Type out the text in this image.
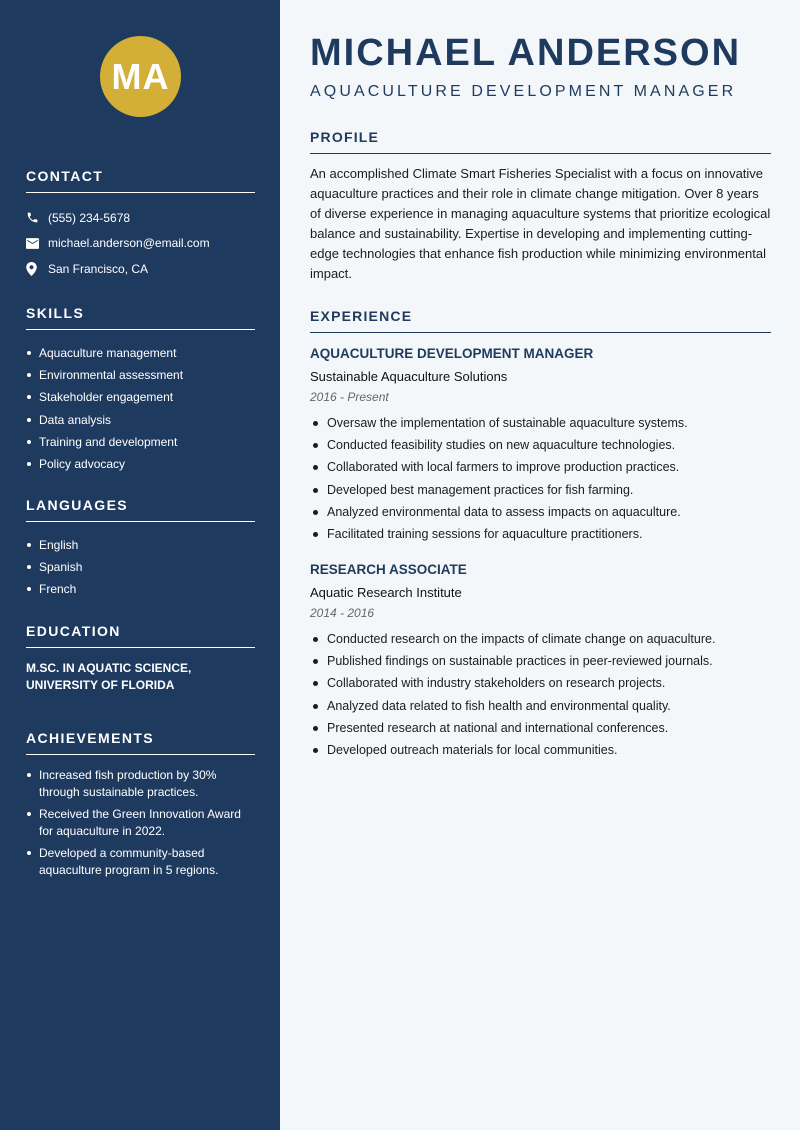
MA
CONTACT
(555) 234-5678
michael.anderson@email.com
San Francisco, CA
SKILLS
Aquaculture management
Environmental assessment
Stakeholder engagement
Data analysis
Training and development
Policy advocacy
LANGUAGES
English
Spanish
French
EDUCATION
M.SC. IN AQUATIC SCIENCE,
UNIVERSITY OF FLORIDA
ACHIEVEMENTS
Increased fish production by 30% through sustainable practices.
Received the Green Innovation Award for aquaculture in 2022.
Developed a community-based aquaculture program in 5 regions.
MICHAEL ANDERSON
AQUACULTURE DEVELOPMENT MANAGER
PROFILE
An accomplished Climate Smart Fisheries Specialist with a focus on innovative aquaculture practices and their role in climate change mitigation. Over 8 years of diverse experience in managing aquaculture systems that prioritize ecological balance and sustainability. Expertise in developing and implementing cutting-edge technologies that enhance fish production while minimizing environmental impact.
EXPERIENCE
AQUACULTURE DEVELOPMENT MANAGER
Sustainable Aquaculture Solutions
2016 - Present
Oversaw the implementation of sustainable aquaculture systems.
Conducted feasibility studies on new aquaculture technologies.
Collaborated with local farmers to improve production practices.
Developed best management practices for fish farming.
Analyzed environmental data to assess impacts on aquaculture.
Facilitated training sessions for aquaculture practitioners.
RESEARCH ASSOCIATE
Aquatic Research Institute
2014 - 2016
Conducted research on the impacts of climate change on aquaculture.
Published findings on sustainable practices in peer-reviewed journals.
Collaborated with industry stakeholders on research projects.
Analyzed data related to fish health and environmental quality.
Presented research at national and international conferences.
Developed outreach materials for local communities.
